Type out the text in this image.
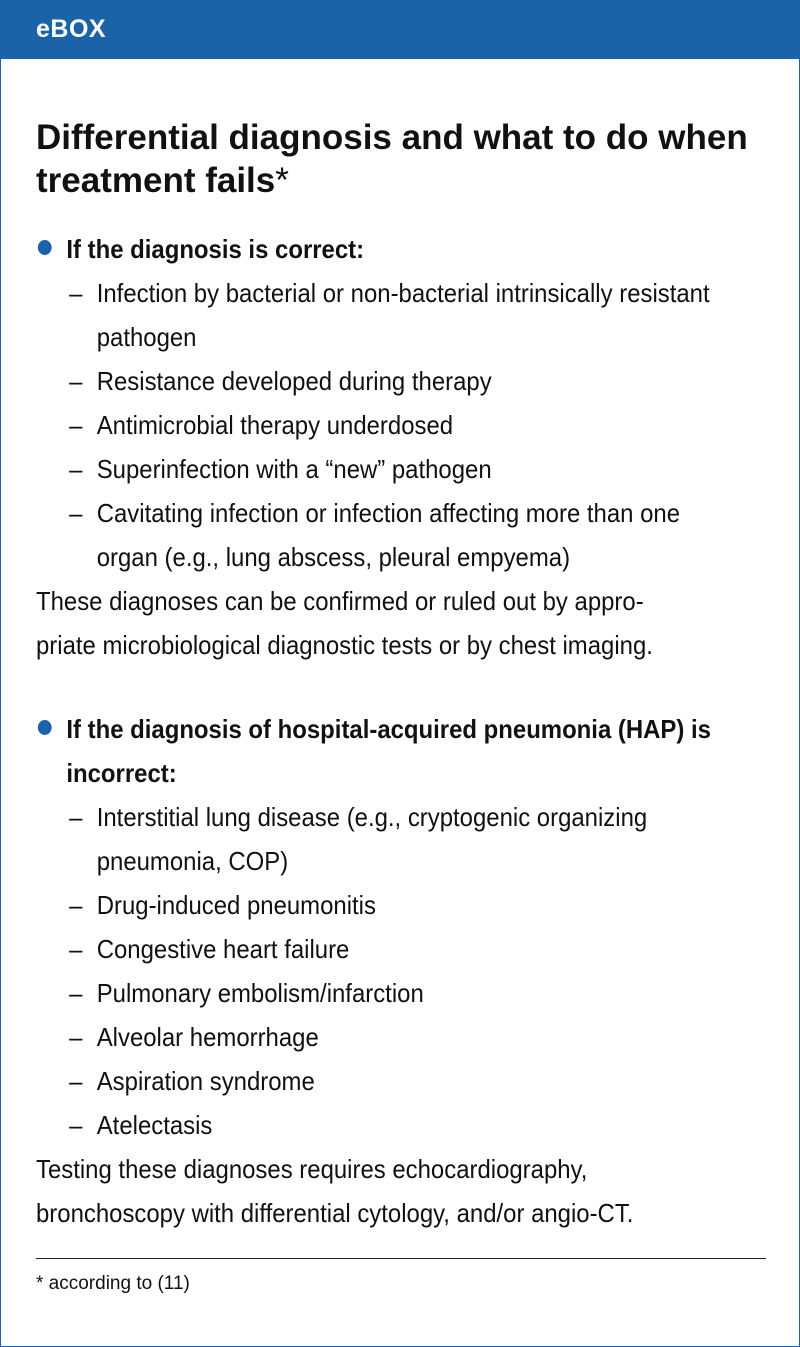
eBOX
Differential diagnosis and what to do when treatment fails*
If the diagnosis is correct:
– Infection by bacterial or non-bacterial intrinsically resistant pathogen
– Resistance developed during therapy
– Antimicrobial therapy underdosed
– Superinfection with a “new” pathogen
– Cavitating infection or infection affecting more than one organ (e.g., lung abscess, pleural empyema)

These diagnoses can be confirmed or ruled out by appro-

priate microbiological diagnostic tests or by chest imaging.

If the diagnosis of hospital-acquired pneumonia (HAP) is incorrect:
– Interstitial lung disease (e.g., cryptogenic organizing pneumonia, COP)
– Drug-induced pneumonitis
– Congestive heart failure
– Pulmonary embolism/infarction
– Alveolar hemorrhage
– Aspiration syndrome
– Atelectasis

Testing these diagnoses requires echocardiography,

bronchoscopy with differential cytology, and/or angio-CT.

* according to (11)
